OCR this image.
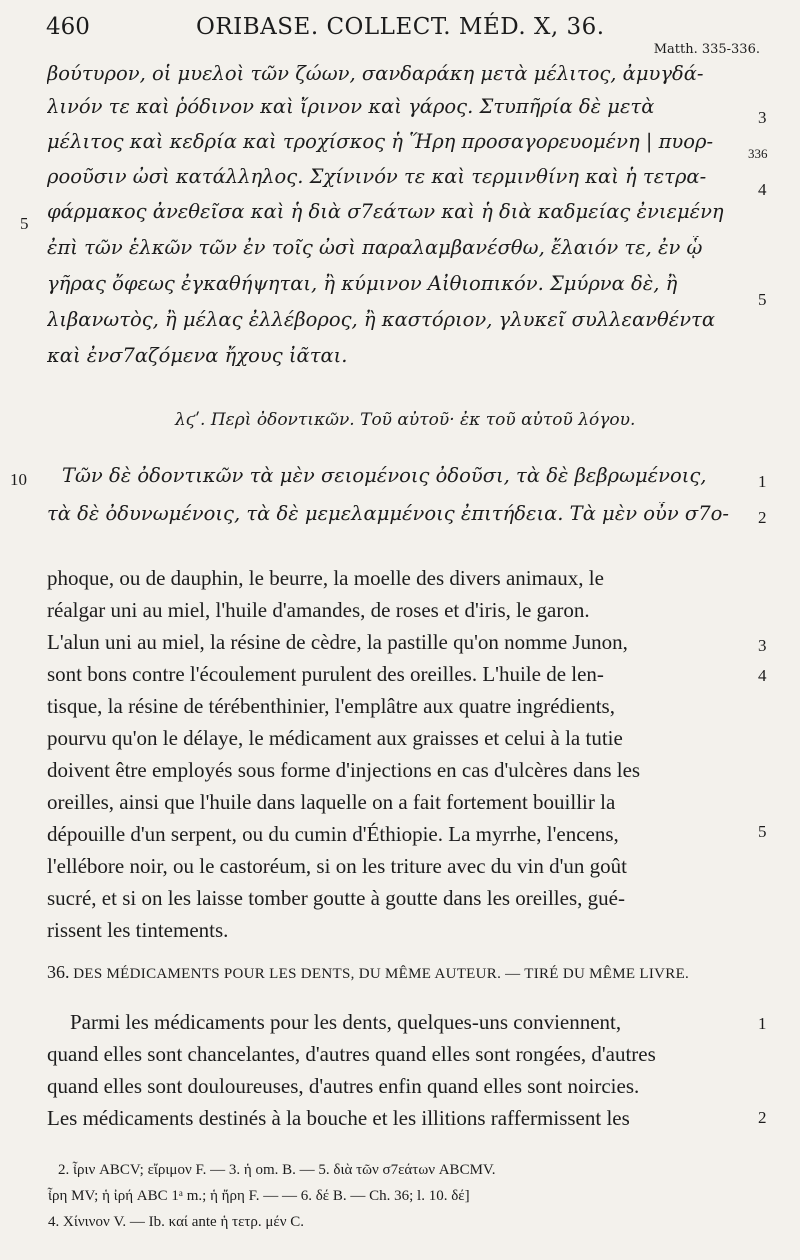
460	ORIBASE. COLLECT. MÉD. X, 36.
Matth. 335-336.
βούτυρον, οἱ μυελοὶ τῶν ζώων, σανδαράκη μετὰ μέλιτος, ἀμυγδά-
λινόν τε καὶ ῥόδινον καὶ ἴρινον καὶ γάρος. Στυπῆρία δὲ μετὰ
μέλιτος καὶ κεδρία καὶ τροχίσκος ἡ Ἥρη προσαγορευομένη | πυορ-
ροοῦσιν ὠσὶ κατάλληλος. Σχίνινόν τε καὶ τερμινθίνη καὶ ἡ τετρα-
φάρμακος ἀνεθεῖσα καὶ ἡ διὰ σ7εάτων καὶ ἡ διὰ καδμείας ἐνιεμένη
ἐπὶ τῶν ἑλκῶν τῶν ἐν τοῖς ὠσὶ παραλαμβανέσθω, ἔλαιόν τε, ἐν ᾧ
γῆρας ὄφεως ἐγκαθήψηται, ἢ κύμινον Αἰθιοπικόν. Σμύρνα δὲ, ἢ
λιβανωτὸς, ἢ μέλας ἐλλέβορος, ἢ καστόριον, γλυκεῖ συλλεανθέντα
καὶ ἐνσ7αζόμενα ἤχους ἰᾶται.
3
336
4
5
5
λϛʹ. Περὶ ὀδοντικῶν. Τοῦ αὐτοῦ· ἐκ τοῦ αὐτοῦ λόγου.
Τῶν δὲ ὀδοντικῶν τὰ μὲν σειομένοις ὀδοῦσι, τὰ δὲ βεβρωμένοις,
τὰ δὲ ὀδυνωμένοις, τὰ δὲ μεμελαμμένοις ἐπιτήδεια. Τὰ μὲν οὖν σ7ο-
10	1
2
phoque, ou de dauphin, le beurre, la moelle des divers animaux, le
réalgar uni au miel, l'huile d'amandes, de roses et d'iris, le garon.
L'alun uni au miel, la résine de cèdre, la pastille qu'on nomme Junon,
sont bons contre l'écoulement purulent des oreilles. L'huile de len-
tisque, la résine de térébenthinier, l'emplâtre aux quatre ingrédients,
pourvu qu'on le délaye, le médicament aux graisses et celui à la tutie
doivent être employés sous forme d'injections en cas d'ulcères dans les
oreilles, ainsi que l'huile dans laquelle on a fait fortement bouillir la
dépouille d'un serpent, ou du cumin d'Éthiopie. La myrrhe, l'encens,
l'ellébore noir, ou le castoréum, si on les triture avec du vin d'un goût
sucré, et si on les laisse tomber goutte à goutte dans les oreilles, gué-
rissent les tintements.
3
4
5
36. DES MÉDICAMENTS POUR LES DENTS, DU MÊME AUTEUR. — TIRÉ DU MÊME LIVRE.
Parmi les médicaments pour les dents, quelques-uns conviennent,
quand elles sont chancelantes, d'autres quand elles sont rongées, d'autres
quand elles sont douloureuses, d'autres enfin quand elles sont noircies.
Les médicaments destinés à la bouche et les illitions raffermissent les
1
2
2. ἶριν ABCV; εἴριμον F. — 3. ἡ om. B. — 5. διὰ τῶν σ7εάτων ABCMV.
ἶρη MV; ἡ ἰρή ABC 1ᵃ m.; ἡ ἤρη F. — — 6. δέ B. — Ch. 36; l. 10. δέ]
4. Χίνινον V. — Ib. καί ante ἡ τετρ. μέν C.
